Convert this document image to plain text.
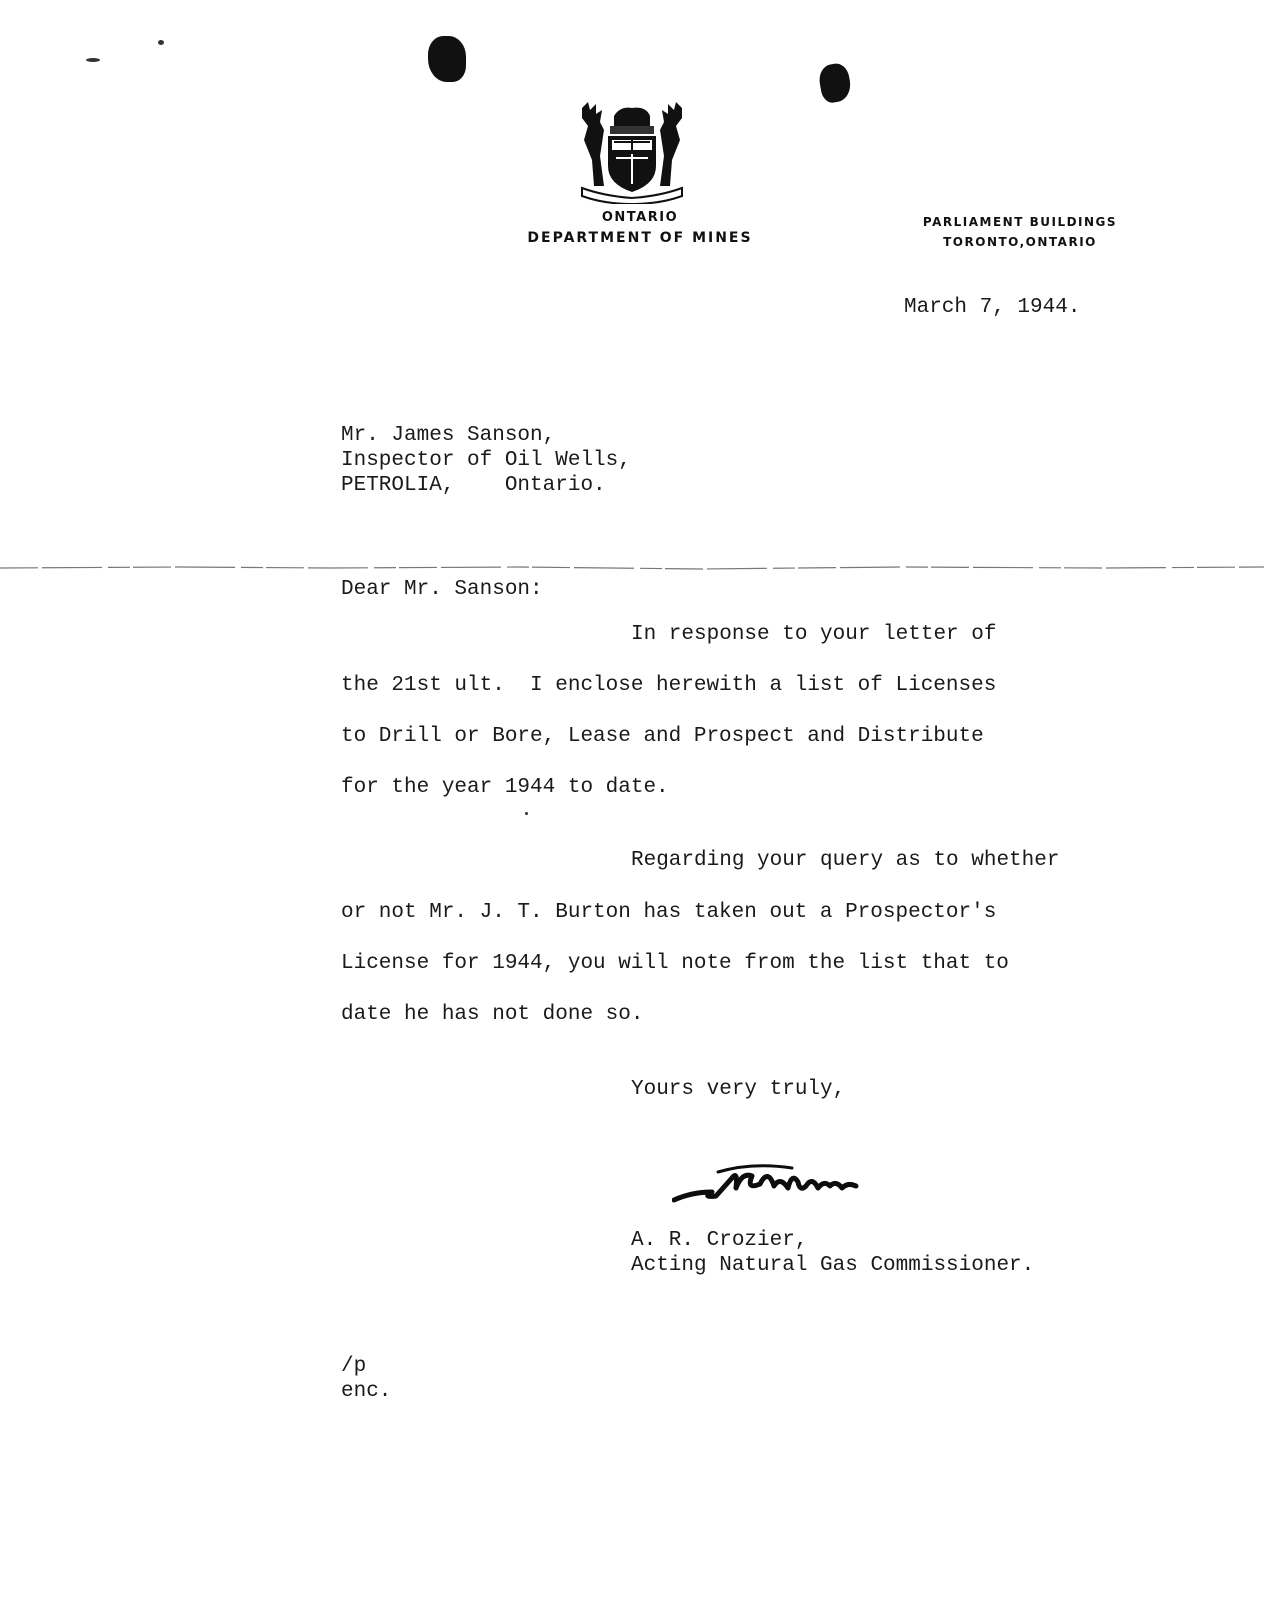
ONTARIO
DEPARTMENT OF MINES
PARLIAMENT BUILDINGS
TORONTO,ONTARIO
March 7, 1944.
Mr. James Sanson,
Inspector of Oil Wells,
PETROLIA,    Ontario.
Dear Mr. Sanson:
In response to your letter of
the 21st ult.  I enclose herewith a list of Licenses
to Drill or Bore, Lease and Prospect and Distribute
for the year 1944 to date.
Regarding your query as to whether
or not Mr. J. T. Burton has taken out a Prospector's
License for 1944, you will note from the list that to
date he has not done so.
Yours very truly,
A. R. Crozier,
Acting Natural Gas Commissioner.
/p
enc.
